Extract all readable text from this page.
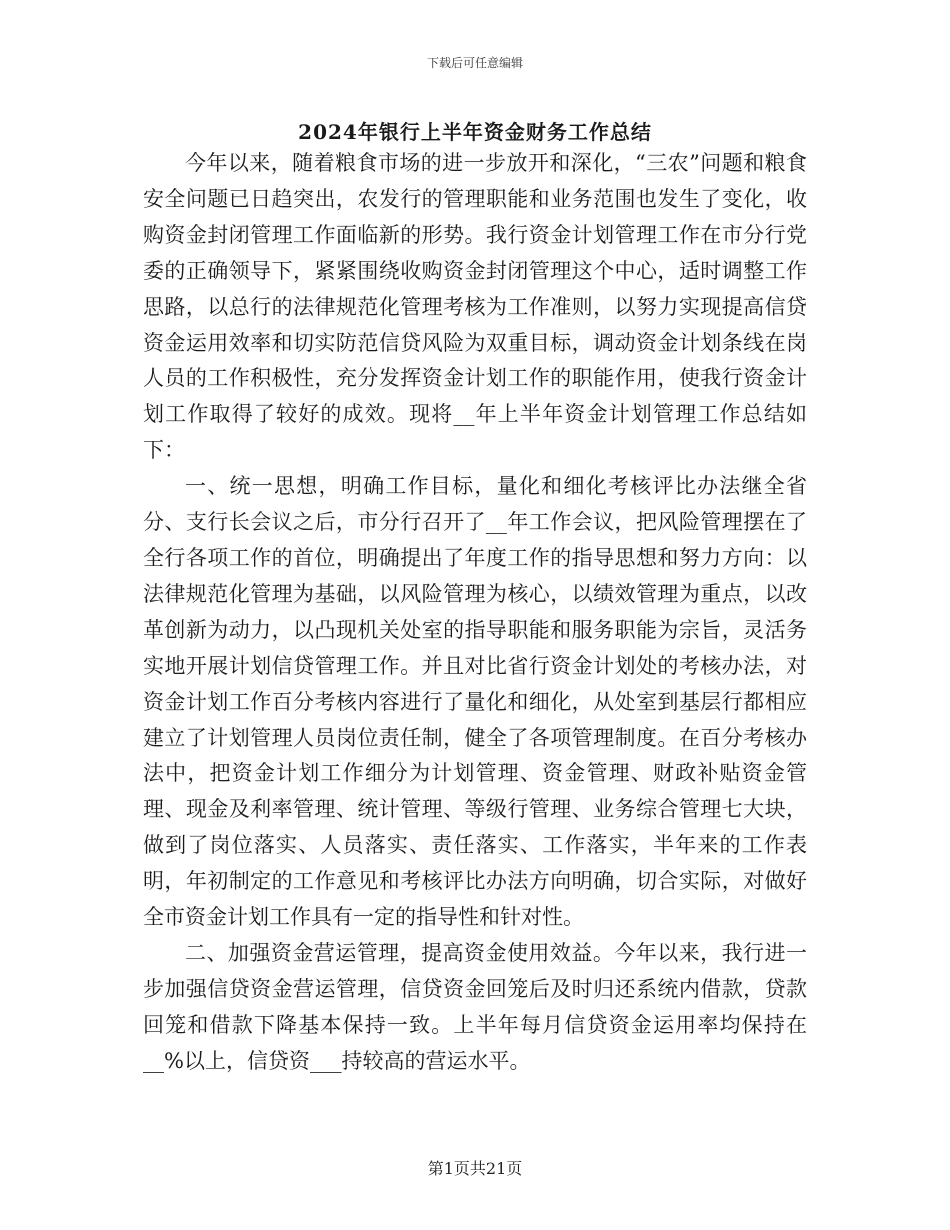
下载后可任意编辑
2024年银行上半年资金财务工作总结

今年以来，随着粮食市场的进一步放开和深化，“三农”问题和粮食安全问题已日趋突出，农发行的管理职能和业务范围也发生了变化，收购资金封闭管理工作面临新的形势。我行资金计划管理工作在市分行党委的正确领导下，紧紧围绕收购资金封闭管理这个中心，适时调整工作思路，以总行的法律规范化管理考核为工作准则，以努力实现提高信贷资金运用效率和切实防范信贷风险为双重目标，调动资金计划条线在岗人员的工作积极性，充分发挥资金计划工作的职能作用，使我行资金计划工作取得了较好的成效。现将__年上半年资金计划管理工作总结如下：

一、统一思想，明确工作目标，量化和细化考核评比办法继全省分、支行长会议之后，市分行召开了__年工作会议，把风险管理摆在了全行各项工作的首位，明确提出了年度工作的指导思想和努力方向：以法律规范化管理为基础，以风险管理为核心，以绩效管理为重点，以改革创新为动力，以凸现机关处室的指导职能和服务职能为宗旨，灵活务实地开展计划信贷管理工作。并且对比省行资金计划处的考核办法，对资金计划工作百分考核内容进行了量化和细化，从处室到基层行都相应建立了计划管理人员岗位责任制，健全了各项管理制度。在百分考核办法中，把资金计划工作细分为计划管理、资金管理、财政补贴资金管理、现金及利率管理、统计管理、等级行管理、业务综合管理七大块，做到了岗位落实、人员落实、责任落实、工作落实，半年来的工作表明，年初制定的工作意见和考核评比办法方向明确，切合实际，对做好全市资金计划工作具有一定的指导性和针对性。

二、加强资金营运管理，提高资金使用效益。今年以来，我行进一步加强信贷资金营运管理，信贷资金回笼后及时归还系统内借款，贷款回笼和借款下降基本保持一致。上半年每月信贷资金运用率均保持在__%以上，信贷资___持较高的营运水平。

第1页共21页
